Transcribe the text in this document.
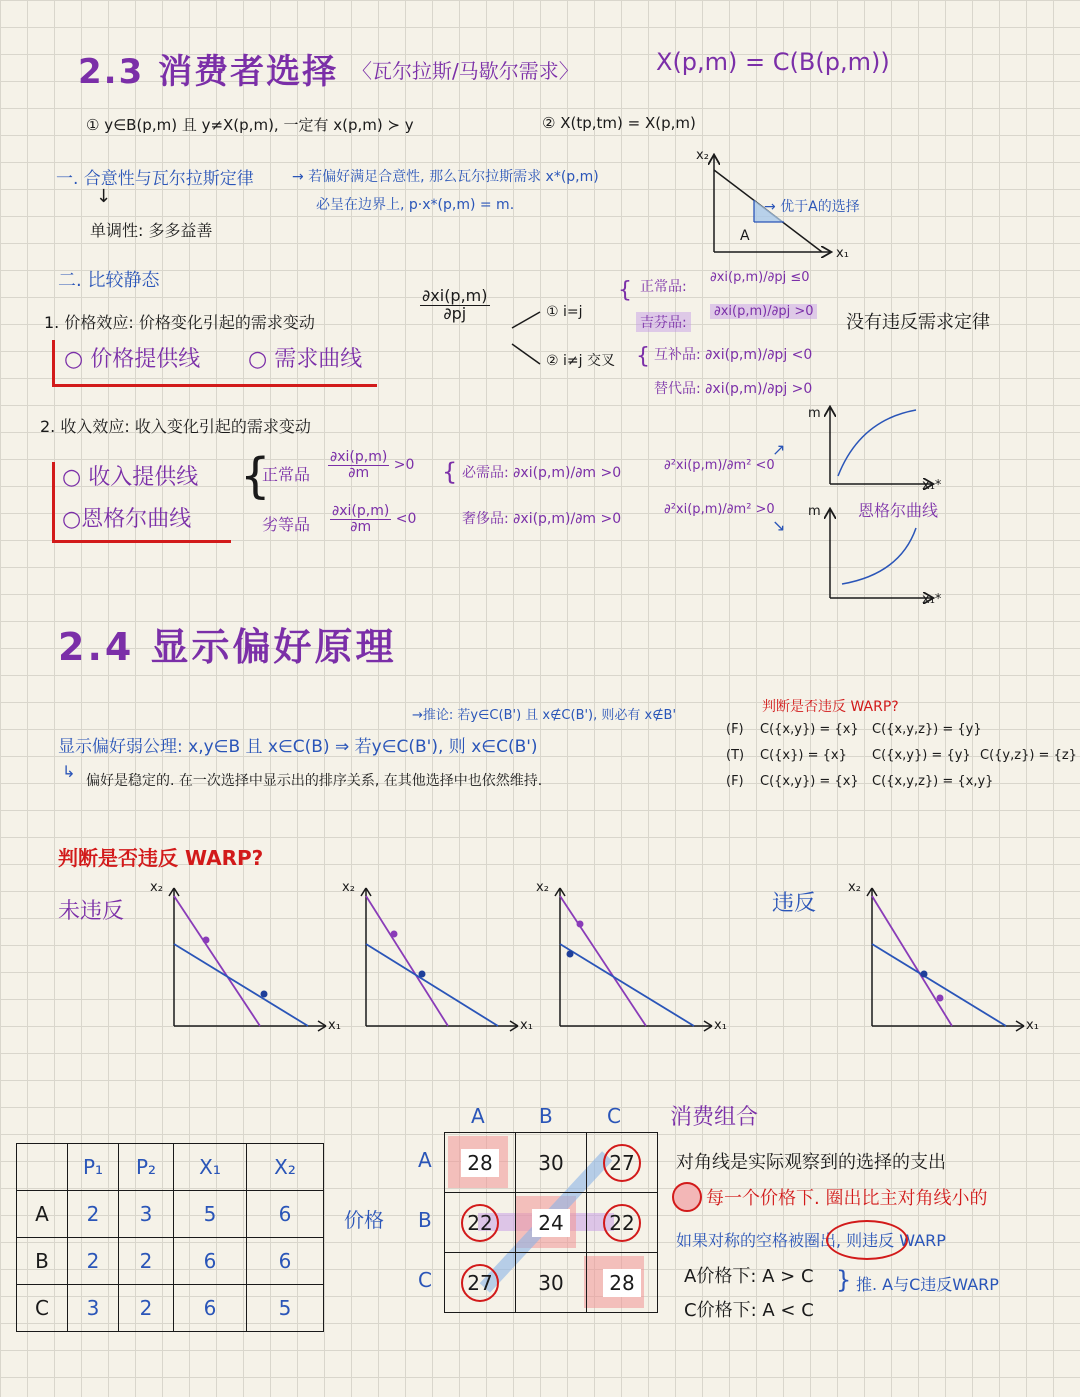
2.3 消费者选择 〈瓦尔拉斯/马歇尔需求〉	X(p,m) = C(B(p,m))
① y∈B(p,m) 且 y≠X(p,m), 一定有 x(p,m) ≻ y	② X(tp,tm) = X(p,m)
一. 合意性与瓦尔拉斯定律	→ 若偏好满足合意性, 那么瓦尔拉斯需求 x*(p,m)
必呈在边界上, p·x*(p,m) = m.
↓
单调性: 多多益善
x₂
x₁
A
→ 优于A的选择
二. 比较静态
1. 价格效应: 价格变化引起的需求变动	$\frac{\partial xi(p,m)}{\partial pj}$	① i=j
② i≠j 交叉
{ 正常品:
∂xi(p,m)/∂pj ≤0
吉芬品:
∂xi(p,m)/∂pj >0
没有违反需求定律
{ 互补品: ∂xi(p,m)/∂pj <0
替代品: ∂xi(p,m)/∂pj >0
○ 价格提供线 ○ 需求曲线
2. 收入效应: 收入变化引起的需求变动
○ 收入提供线
○恩格尔曲线
{
正常品 $\frac{\partial xi(p,m)}{\partial m} >0$
劣等品 $\frac{\partial xi(p,m)}{\partial m} <0$
{ 必需品: ∂xi(p,m)/∂m >0	∂²xi(p,m)/∂m² <0
奢侈品: ∂xi(p,m)/∂m >0
∂²xi(p,m)/∂m² >0
↗
↘
m
x₁*
m
x₁*
恩格尔曲线
2.4 显示偏好原理
→推论: 若y∈C(B') 且 x∉C(B'), 则必有 x∉B'
显示偏好弱公理: x,y∈B 且 x∈C(B) ⇒ 若y∈C(B'), 则 x∈C(B')
↳ 偏好是稳定的. 在一次选择中显示出的排序关系, 在其他选择中也依然维持.
判断是否违反 WARP?
(F) C({x,y}) = {x} C({x,y,z}) = {y}
(T) C({x}) = {x} C({x,y}) = {y} C({y,z}) = {z}
(F) C({x,y}) = {x} C({x,y,z}) = {x,y}
判断是否违反 WARP?
未违反	违反
x₁
x₂
x₁
x₂
x₁
x₂
x₁
x₂
	P₁	P₂	X₁	X₂
A	2	3	5	6
B	2	2	6	6
C	3	2	6	5
价格
A	B	C
A
B
C
28	30	27
22	24	22
27	30	28
消费组合
对角线是实际观察到的选择的支出
每一个价格下. 圈出比主对角线小的
如果对称的空格被圈出, 则违反 WARP
A价格下: A > C
C价格下: A < C
} 推. A与C违反WARP
